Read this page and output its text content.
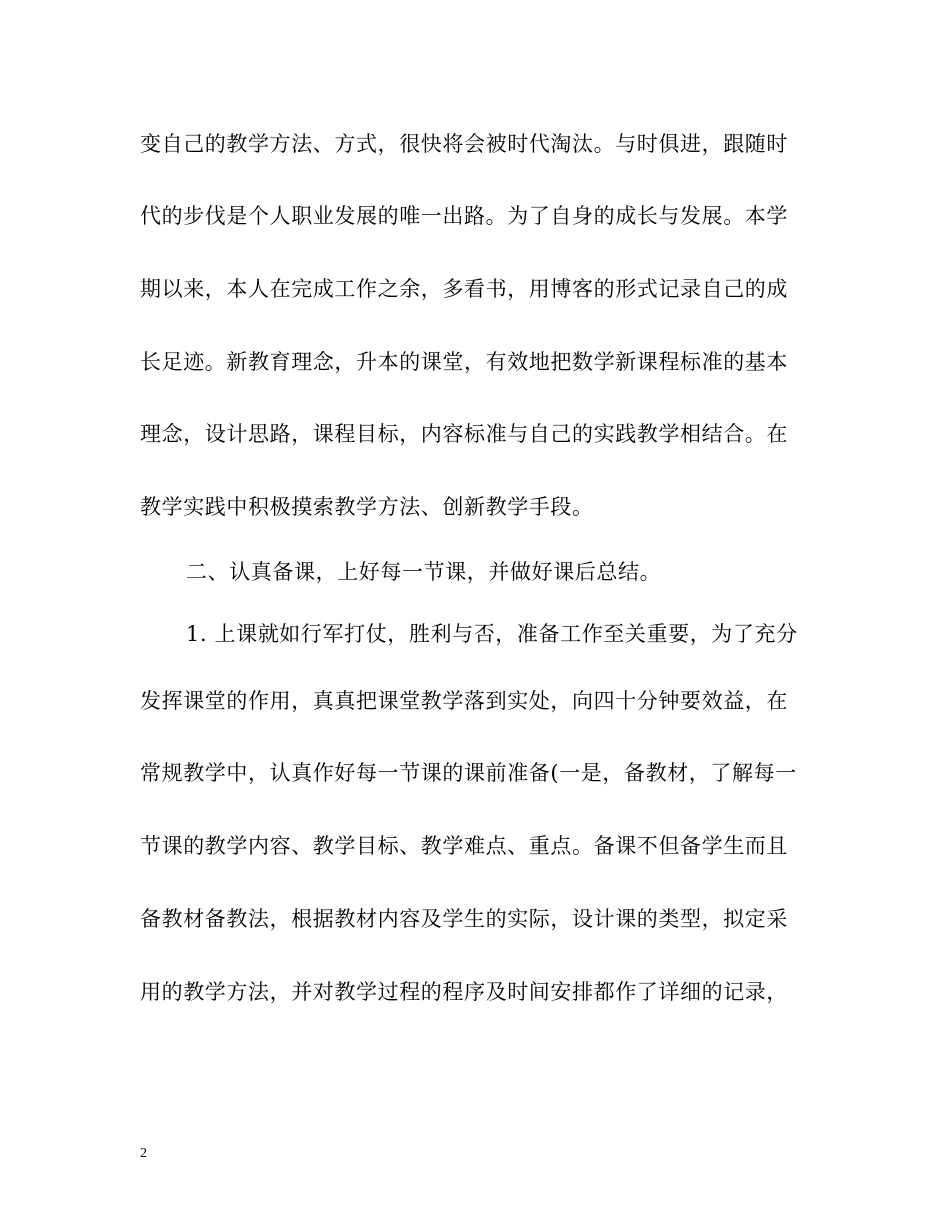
变自己的教学方法、方式，很快将会被时代淘汰。与时俱进，跟随时
代的步伐是个人职业发展的唯一出路。为了自身的成长与发展。本学
期以来，本人在完成工作之余，多看书，用博客的形式记录自己的成
长足迹。新教育理念，升本的课堂，有效地把数学新课程标准的基本
理念，设计思路，课程目标，内容标准与自己的实践教学相结合。在
教学实践中积极摸索教学方法、创新教学手段。
二、认真备课，上好每一节课，并做好课后总结。
1. 上课就如行军打仗，胜利与否，准备工作至关重要，为了充分
发挥课堂的作用，真真把课堂教学落到实处，向四十分钟要效益，在
常规教学中，认真作好每一节课的课前准备(一是，备教材，了解每一
节课的教学内容、教学目标、教学难点、重点。备课不但备学生而且
备教材备教法，根据教材内容及学生的实际，设计课的类型，拟定采
用的教学方法，并对教学过程的程序及时间安排都作了详细的记录，
2
